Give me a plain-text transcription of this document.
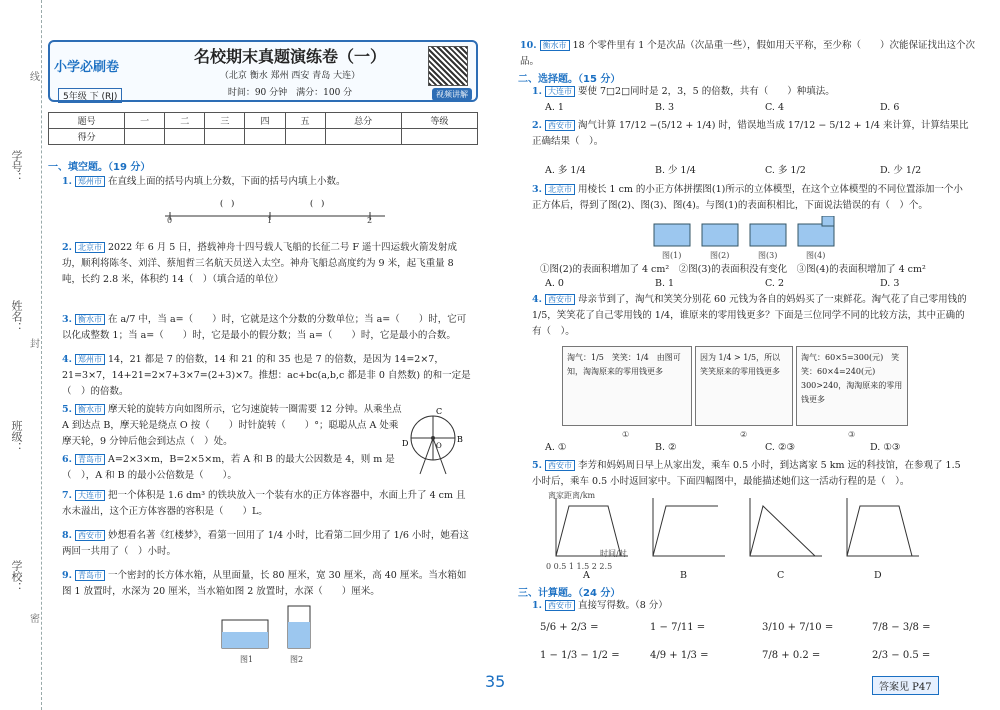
学号：
姓名：
班级：
学校：
线
封
密
小学必刷卷
5年级 下 (RJ)
名校期末真题演练卷（一）
（北京 衡水 郑州 西安 青岛 大连）
时间：90 分钟　满分：100 分	视频讲解
题号	一	二	三	四	五	总分	等级
得分							
一、填空题。（19 分）
1. 郑州市 在直线上面的括号内填上分数，下面的括号内填上小数。
(　)	(　)
0	1	2
2. 北京市 2022 年 6 月 5 日，搭载神舟十四号载人飞船的长征二号 F 遥十四运载火箭发射成功，顺利将陈冬、刘洋、蔡旭哲三名航天员送入太空。神舟飞船总高度约为 9 米，起飞重量 8 吨，长约 2.8 米，体积约 14（　）（填合适的单位）
3. 衡水市 在 a/7 中，当 a=（　　）时，它就是这个分数的分数单位；当 a=（　　）时，它可以化成整数 1；当 a=（　　）时，它是最小的假分数；当 a=（　　）时，它是最小的合数。
4. 郑州市 14，21 都是 7 的倍数，14 和 21 的和 35 也是 7 的倍数，是因为 14=2×7，21=3×7，14+21=2×7+3×7=(2+3)×7。推想：ac+bc(a,b,c 都是非 0 自然数) 的和一定是（　）的倍数。
5. 衡水市 摩天轮的旋转方向如图所示，它匀速旋转一圈需要 12 分钟。从乘坐点 A 到达点 B，摩天轮是绕点 O 按（　　）时针旋转（　　）°；聪聪从点 A 处乘摩天轮，9 分钟后他会到达点（　）处。
C
D	O
B
6. 青岛市 A=2×3×m，B=2×5×m，若 A 和 B 的最大公因数是 4，则 m 是（　），A 和 B 的最小公倍数是（　　）。
7. 大连市 把一个体积是 1.6 dm³ 的铁块放入一个装有水的正方体容器中，水面上升了 4 cm 且水未溢出，这个正方体容器的容积是（　　）L。
8. 西安市 妙想看名著《红楼梦》，看第一回用了 1/4 小时，比看第二回少用了 1/6 小时，她看这两回一共用了（　）小时。
9. 青岛市 一个密封的长方体水箱，从里面量，长 80 厘米，宽 30 厘米，高 40 厘米。当水箱如图 1 放置时，水深为 20 厘米，当水箱如图 2 放置时，水深（　　）厘米。
图1	图2
10. 衡水市 18 个零件里有 1 个是次品（次品重一些），假如用天平称，至少称（　　）次能保证找出这个次品。
二、选择题。（15 分）
1. 大连市 要使 7□2□同时是 2，3，5 的倍数，共有（　　）种填法。
A. 1	B. 3	C. 4	D. 6
2. 西安市 淘气计算 17/12 −(5/12 + 1/4) 时，错误地当成 17/12 − 5/12 + 1/4 来计算，计算结果比正确结果（　）。
A. 多 1/4	B. 少 1/4	C. 多 1/2	D. 少 1/2
3. 北京市 用棱长 1 cm 的小正方体拼摆图(1)所示的立体模型，在这个立体模型的不同位置添加一个小正方体后，得到了图(2)、图(3)、图(4)。与图(1)的表面积相比，下面说法错误的有（　）个。
图(1)	图(2)	图(3)	图(4)
①图(2)的表面积增加了 4 cm²　②图(3)的表面积没有变化　③图(4)的表面积增加了 4 cm²
A. 0	B. 1	C. 2	D. 3
4. 西安市 母亲节到了，淘气和笑笑分别花 60 元钱为各自的妈妈买了一束鲜花。淘气花了自己零用钱的 1/5，笑笑花了自己零用钱的 1/4，谁原来的零用钱更多？下面是三位同学不同的比较方法，其中正确的有（　）。
淘气：1/5　笑笑：1/4　由图可知，淘淘原来的零用钱更多
因为 1/4 > 1/5，所以笑笑原来的零用钱更多
淘气：60×5=300(元)　笑笑：60×4=240(元)　300>240，淘淘原来的零用钱更多
①	②	③
A. ①	B. ②	C. ②③	D. ①③
5. 西安市 李芳和妈妈周日早上从家出发，乘车 0.5 小时，到达离家 5 km 远的科技馆，在参观了 1.5 小时后，乘车 0.5 小时返回家中。下面四幅图中，最能描述她们这一活动行程的是（　）。
A	B	C	D
离家距离/km
0 0.5 1 1.5 2 2.5
时间/时
三、计算题。（24 分）
1. 西安市 直接写得数。（8 分）
5/6 + 2/3 =	1 − 7/11 =	3/10 + 7/10 =	7/8 − 3/8 =
1 − 1/3 − 1/2 =	4/9 + 1/3 =	7/8 + 0.2 =	2/3 − 0.5 =
35	答案见 P47
